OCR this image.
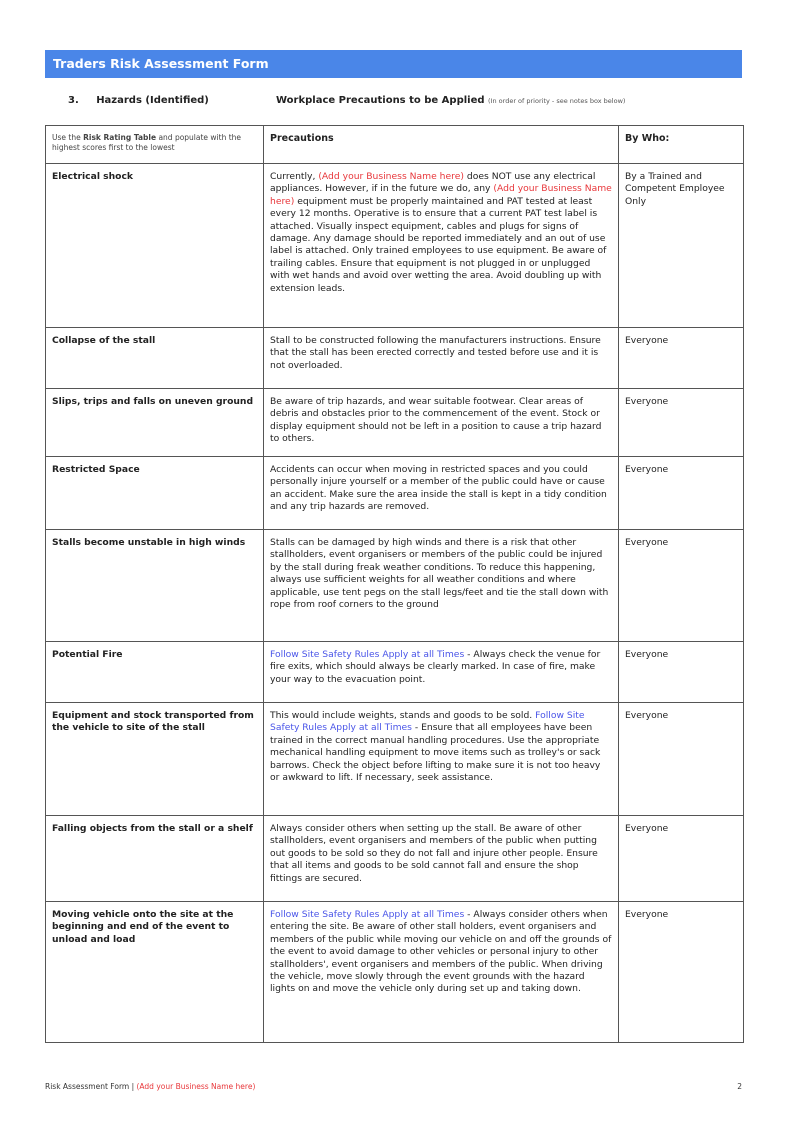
Traders Risk Assessment Form
3. Hazards (Identified)	Workplace Precautions to be Applied (In order of priority - see notes box below)
Use the Risk Rating Table and populate with the highest scores first to the lowest	Precautions	By Who:
Electrical shock	Currently, (Add your Business Name here) does NOT use any electrical appliances. However, if in the future we do, any (Add your Business Name here) equipment must be properly maintained and PAT tested at least every 12 months. Operative is to ensure that a current PAT test label is attached. Visually inspect equipment, cables and plugs for signs of damage. Any damage should be reported immediately and an out of use label is attached. Only trained employees to use equipment. Be aware of trailing cables. Ensure that equipment is not plugged in or unplugged with wet hands and avoid over wetting the area. Avoid doubling up with extension leads.	By a Trained and Competent Employee Only
Collapse of the stall	Stall to be constructed following the manufacturers instructions. Ensure that the stall has been erected correctly and tested before use and it is not overloaded.	Everyone
Slips, trips and falls on uneven ground	Be aware of trip hazards, and wear suitable footwear. Clear areas of debris and obstacles prior to the commencement of the event. Stock or display equipment should not be left in a position to cause a trip hazard to others.	Everyone
Restricted Space	Accidents can occur when moving in restricted spaces and you could personally injure yourself or a member of the public could have or cause an accident. Make sure the area inside the stall is kept in a tidy condition and any trip hazards are removed.	Everyone
Stalls become unstable in high winds	Stalls can be damaged by high winds and there is a risk that other stallholders, event organisers or members of the public could be injured by the stall during freak weather conditions. To reduce this happening, always use sufficient weights for all weather conditions and where applicable, use tent pegs on the stall legs/feet and tie the stall down with rope from roof corners to the ground	Everyone
Potential Fire	Follow Site Safety Rules Apply at all Times - Always check the venue for fire exits, which should always be clearly marked. In case of fire, make your way to the evacuation point.	Everyone
Equipment and stock transported from the vehicle to site of the stall	This would include weights, stands and goods to be sold. Follow Site Safety Rules Apply at all Times - Ensure that all employees have been trained in the correct manual handling procedures. Use the appropriate mechanical handling equipment to move items such as trolley's or sack barrows. Check the object before lifting to make sure it is not too heavy or awkward to lift. If necessary, seek assistance.	Everyone
Falling objects from the stall or a shelf	Always consider others when setting up the stall. Be aware of other stallholders, event organisers and members of the public when putting out goods to be sold so they do not fall and injure other people. Ensure that all items and goods to be sold cannot fall and ensure the shop fittings are secured.	Everyone
Moving vehicle onto the site at the beginning and end of the event to unload and load	Follow Site Safety Rules Apply at all Times - Always consider others when entering the site. Be aware of other stall holders, event organisers and members of the public while moving our vehicle on and off the grounds of the event to avoid damage to other vehicles or personal injury to other stallholders', event organisers and members of the public. When driving the vehicle, move slowly through the event grounds with the hazard lights on and move the vehicle only during set up and taking down.	Everyone
Risk Assessment Form | (Add your Business Name here)	2
